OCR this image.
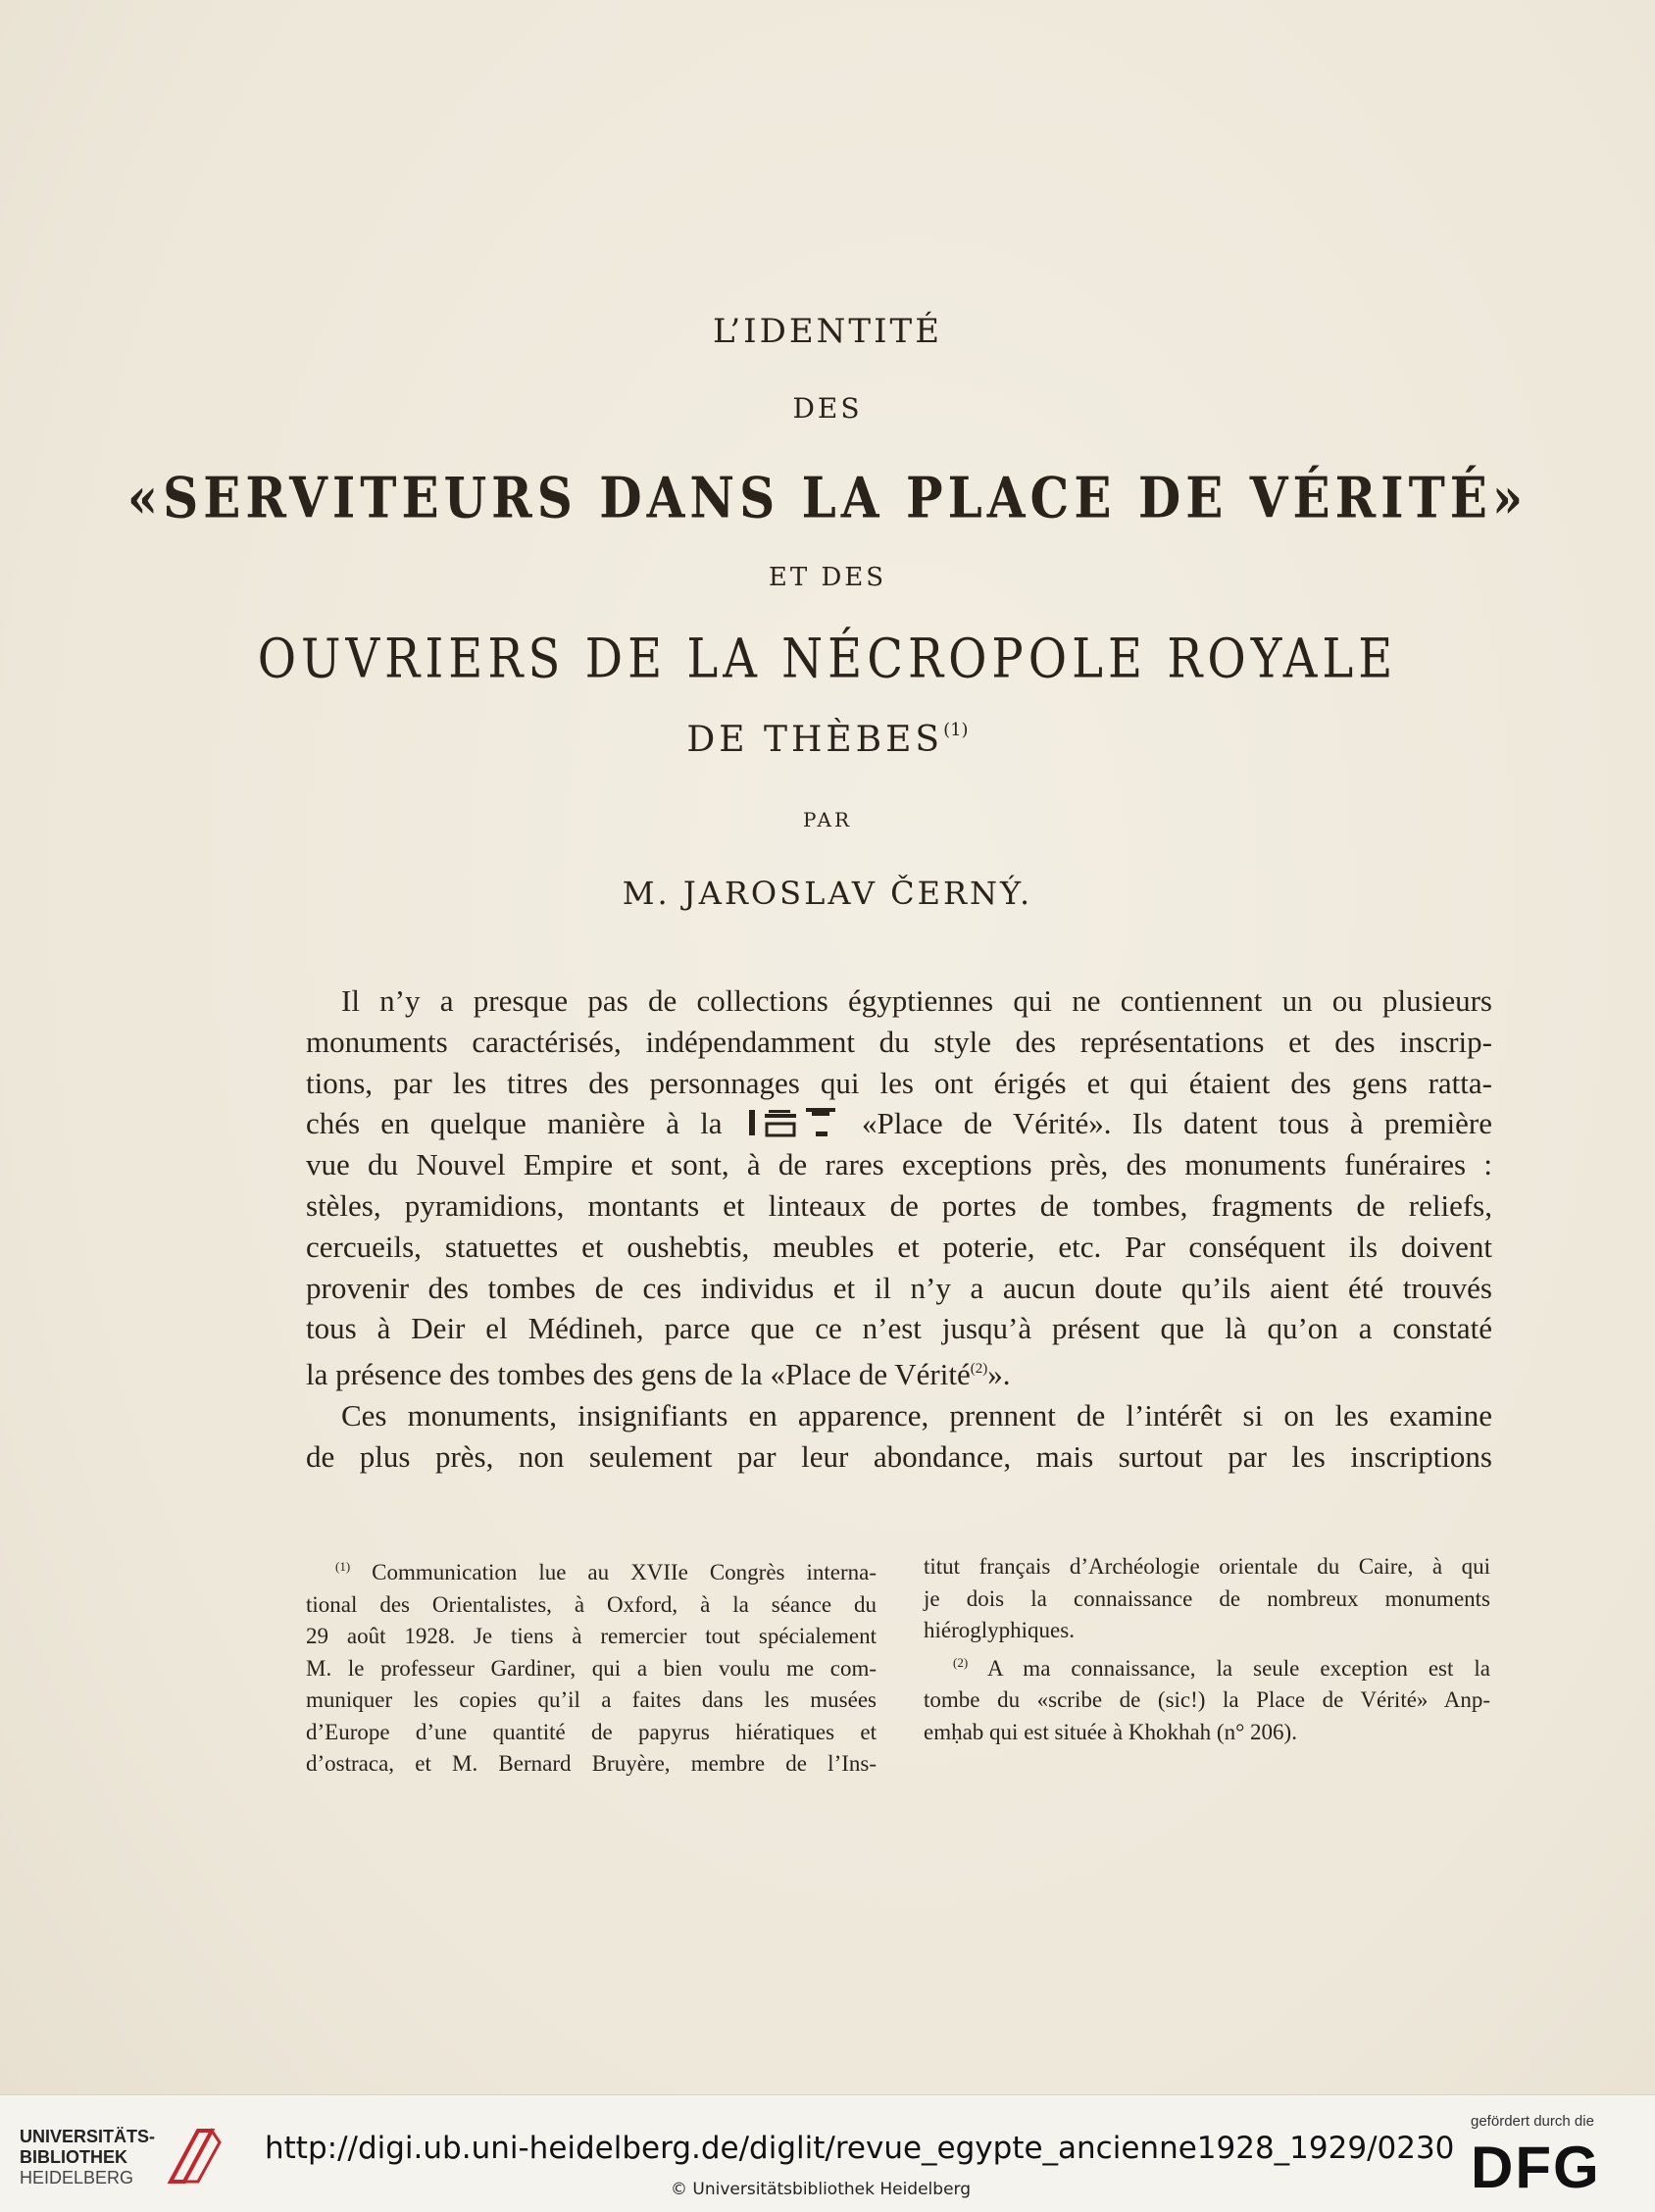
L’IDENTITÉ
DES
«SERVITEURS DANS LA PLACE DE VÉRITÉ»
ET DES
OUVRIERS DE LA NÉCROPOLE ROYALE
DE THÈBES$^{(1)}$
PAR
M. JAROSLAV ČERNÝ.
Il n’y a presque pas de collections égyptiennes qui ne contiennent un ou plusieurs
monuments caractérisés, indépendamment du style des représentations et des inscrip-
tions, par les titres des personnages qui les ont érigés et qui étaient des gens ratta-
chés en quelque manière à la	«Place de Vérité». Ils datent tous à première
vue du Nouvel Empire et sont, à de rares exceptions près, des monuments funéraires :
stèles, pyramidions, montants et linteaux de portes de tombes, fragments de reliefs,
cercueils, statuettes et oushebtis, meubles et poterie, etc. Par conséquent ils doivent
provenir des tombes de ces individus et il n’y a aucun doute qu’ils aient été trouvés
tous à Deir el Médineh, parce que ce n’est jusqu’à présent que là qu’on a constaté
la présence des tombes des gens de la «Place de Vérité$^{(2)}$».
Ces monuments, insignifiants en apparence, prennent de l’intérêt si on les examine
de plus près, non seulement par leur abondance, mais surtout par les inscriptions
$^{(1)}$ Communication lue au XVIIe Congrès interna-
tional des Orientalistes, à Oxford, à la séance du
29 août 1928. Je tiens à remercier tout spécialement
M. le professeur Gardiner, qui a bien voulu me com-
muniquer les copies qu’il a faites dans les musées
d’Europe d’une quantité de papyrus hiératiques et
d’ostraca, et M. Bernard Bruyère, membre de l’Ins-
titut français d’Archéologie orientale du Caire, à qui
je dois la connaissance de nombreux monuments
hiéroglyphiques.
$^{(2)}$ A ma connaissance, la seule exception est la
tombe du «scribe de (sic!) la Place de Vérité» Anp-
emḥab qui est située à Khokhah (n° 206).
UNIVERSITÄTS-
BIBLIOTHEK
HEIDELBERG
http://digi.ub.uni-heidelberg.de/diglit/revue_egypte_ancienne1928_1929/0230
© Universitätsbibliothek Heidelberg
gefördert durch die
DFG
